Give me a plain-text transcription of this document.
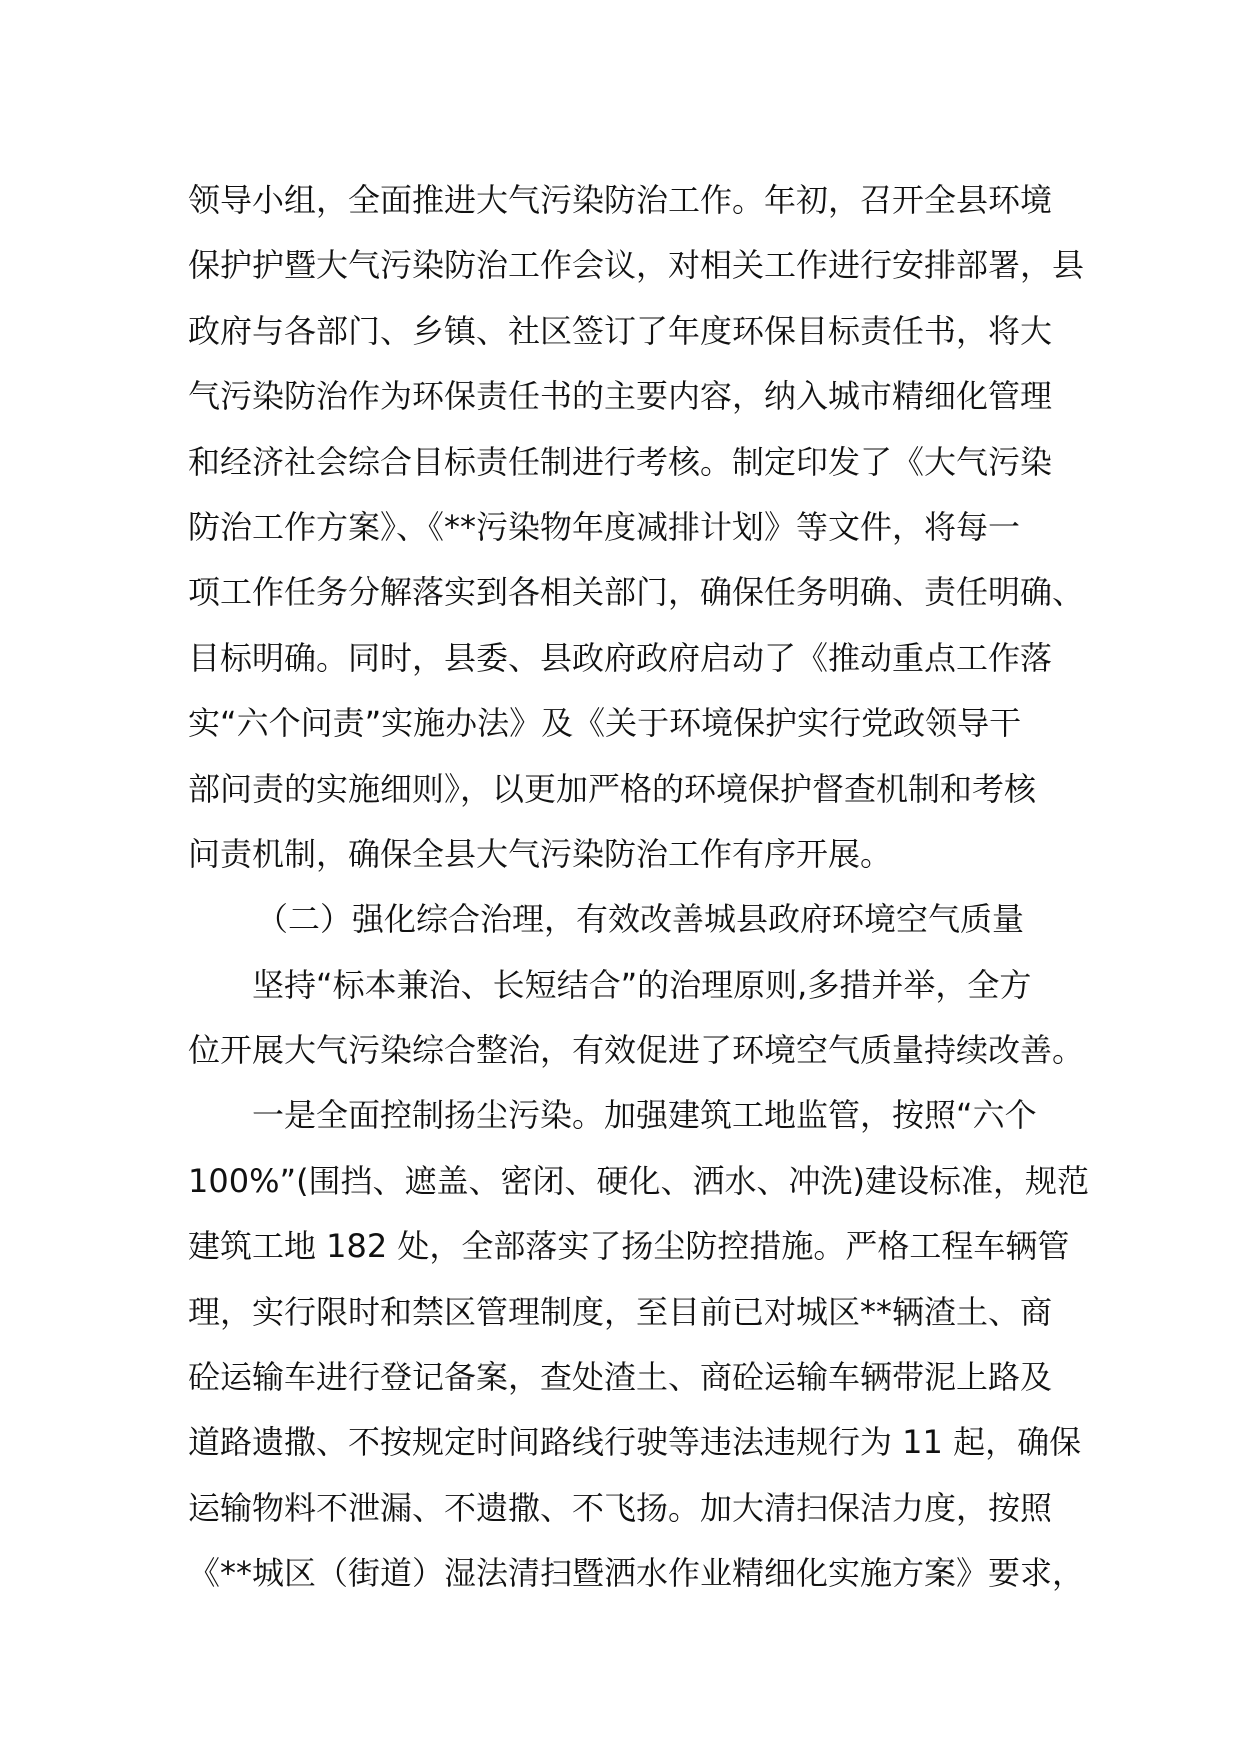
领导小组，全面推进大气污染防治工作。年初，召开全县环境
保护护暨大气污染防治工作会议，对相关工作进行安排部署，县
政府与各部门、乡镇、社区签订了年度环保目标责任书，将大
气污染防治作为环保责任书的主要内容，纳入城市精细化管理
和经济社会综合目标责任制进行考核。制定印发了《大气污染
防治工作方案》、《**污染物年度减排计划》等文件，将每一
项工作任务分解落实到各相关部门，确保任务明确、责任明确、
目标明确。同时，县委、县政府政府启动了《推动重点工作落
实“六个问责”实施办法》及《关于环境保护实行党政领导干
部问责的实施细则》，以更加严格的环境保护督查机制和考核
问责机制，确保全县大气污染防治工作有序开展。
（二）强化综合治理，有效改善城县政府环境空气质量
坚持“标本兼治、长短结合”的治理原则,多措并举，全方
位开展大气污染综合整治，有效促进了环境空气质量持续改善。
一是全面控制扬尘污染。加强建筑工地监管，按照“六个
100%”(围挡、遮盖、密闭、硬化、洒水、冲洗)建设标准，规范
建筑工地 182 处，全部落实了扬尘防控措施。严格工程车辆管
理，实行限时和禁区管理制度，至目前已对城区**辆渣土、商
砼运输车进行登记备案，查处渣土、商砼运输车辆带泥上路及
道路遗撒、不按规定时间路线行驶等违法违规行为 11 起，确保
运输物料不泄漏、不遗撒、不飞扬。加大清扫保洁力度，按照
《**城区（街道）湿法清扫暨洒水作业精细化实施方案》要求，
